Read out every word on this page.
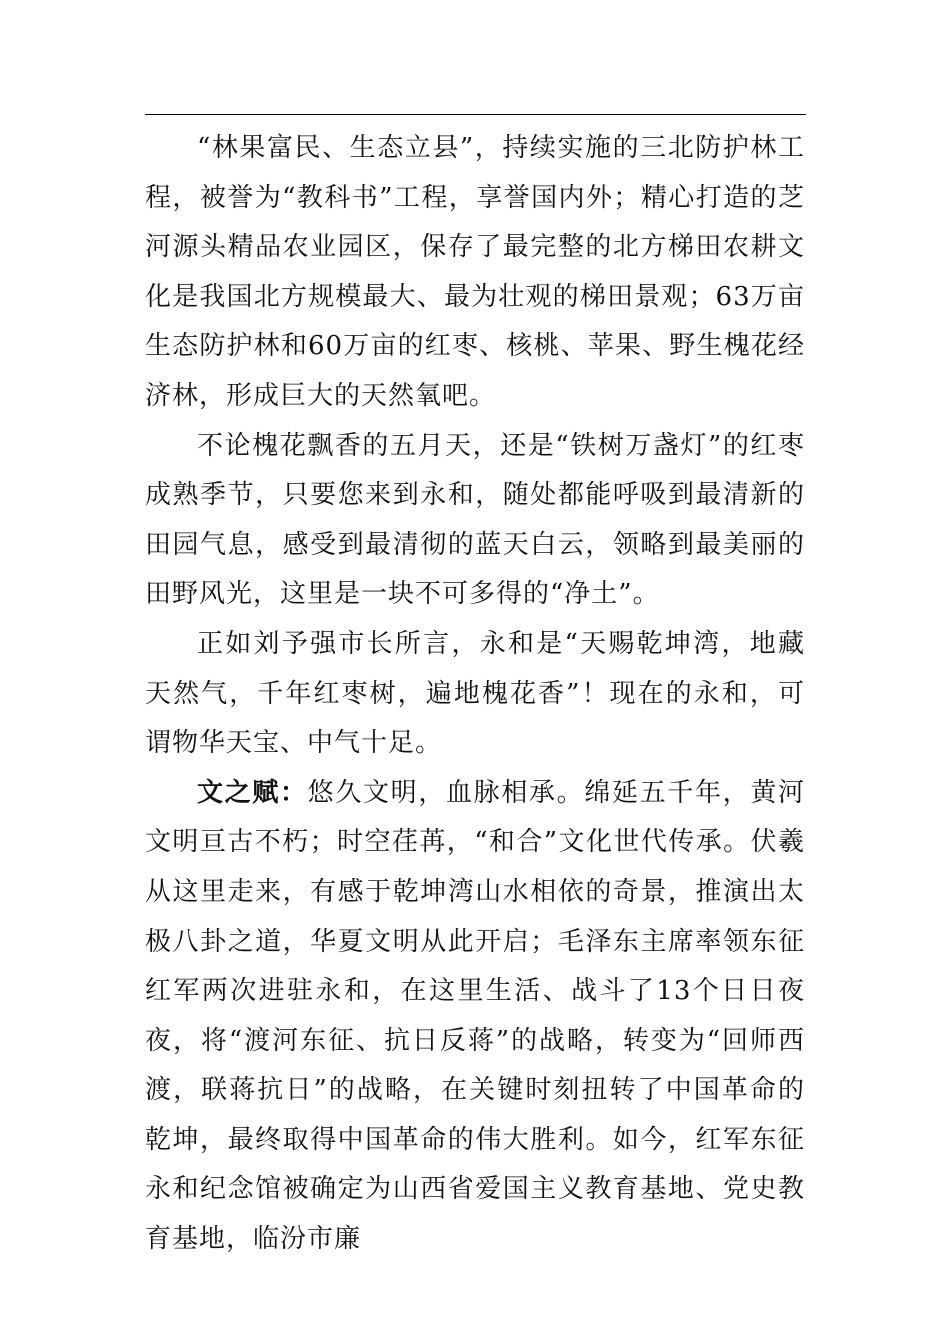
“林果富民、生态立县”，持续实施的三北防护林工程，被誉为“教科书”工程，享誉国内外；精心打造的芝河源头精品农业园区，保存了最完整的北方梯田农耕文化是我国北方规模最大、最为壮观的梯田景观；63万亩生态防护林和60万亩的红枣、核桃、苹果、野生槐花经济林，形成巨大的天然氧吧。

不论槐花飘香的五月天，还是“铁树万盏灯”的红枣成熟季节，只要您来到永和，随处都能呼吸到最清新的田园气息，感受到最清彻的蓝天白云，领略到最美丽的田野风光，这里是一块不可多得的“净土”。

正如刘予强市长所言，永和是“天赐乾坤湾，地藏天然气，千年红枣树，遍地槐花香”！现在的永和，可谓物华天宝、中气十足。

文之赋：悠久文明，血脉相承。绵延五千年，黄河文明亘古不朽；时空荏苒，“和合”文化世代传承。伏羲从这里走来，有感于乾坤湾山水相依的奇景，推演出太极八卦之道，华夏文明从此开启；毛泽东主席率领东征红军两次进驻永和，在这里生活、战斗了13个日日夜夜，将“渡河东征、抗日反蒋”的战略，转变为“回师西渡，联蒋抗日”的战略，在关键时刻扭转了中国革命的乾坤，最终取得中国革命的伟大胜利。如今，红军东征永和纪念馆被确定为山西省爱国主义教育基地、党史教育基地，临汾市廉
